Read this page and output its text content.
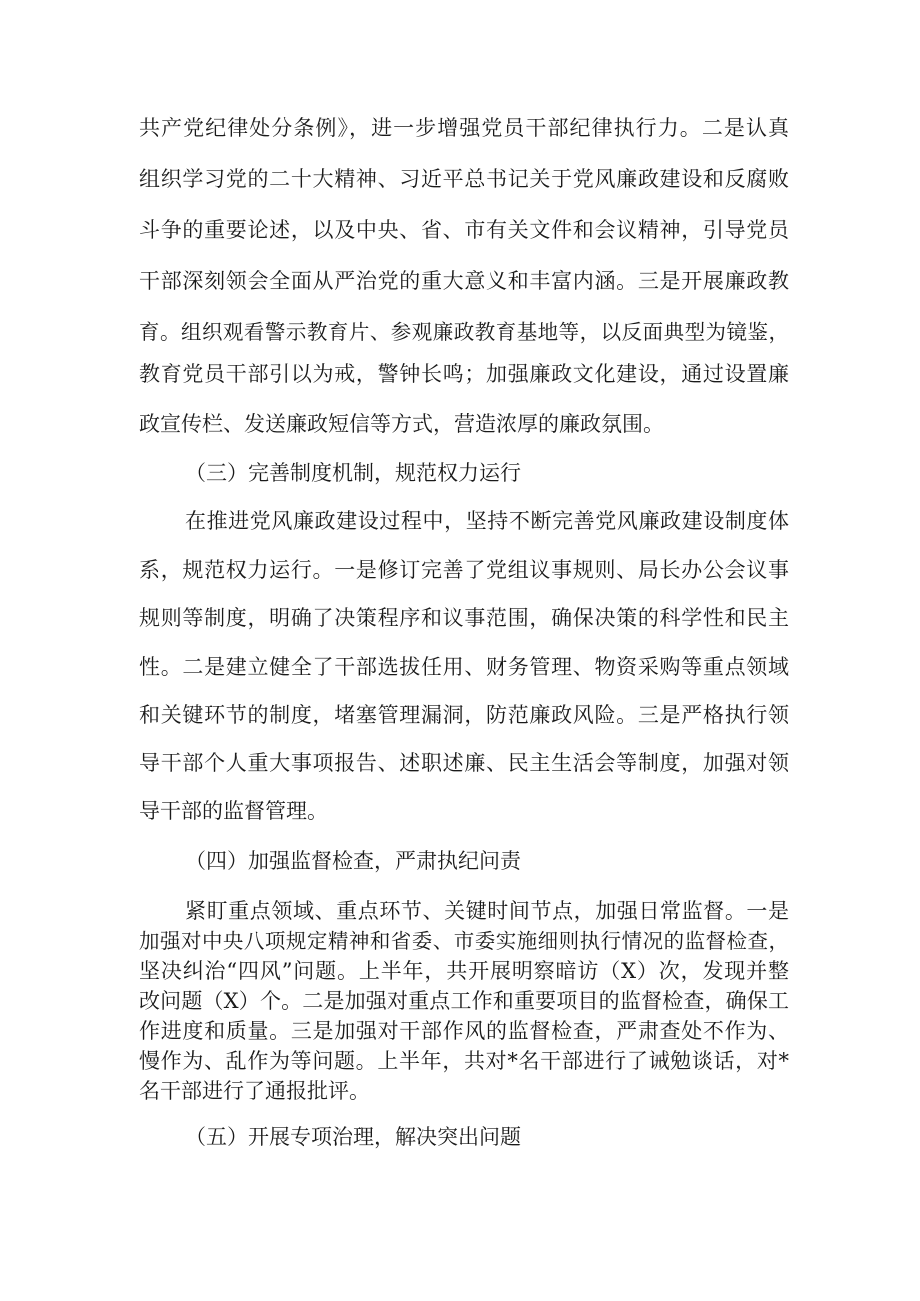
共产党纪律处分条例》，进一步增强党员干部纪律执行力。二是认真
组织学习党的二十大精神、习近平总书记关于党风廉政建设和反腐败
斗争的重要论述，以及中央、省、市有关文件和会议精神，引导党员
干部深刻领会全面从严治党的重大意义和丰富内涵。三是开展廉政教
育。组织观看警示教育片、参观廉政教育基地等，以反面典型为镜鉴，
教育党员干部引以为戒，警钟长鸣；加强廉政文化建设，通过设置廉
政宣传栏、发送廉政短信等方式，营造浓厚的廉政氛围。
（三）完善制度机制，规范权力运行
在推进党风廉政建设过程中，坚持不断完善党风廉政建设制度体
系，规范权力运行。一是修订完善了党组议事规则、局长办公会议事
规则等制度，明确了决策程序和议事范围，确保决策的科学性和民主
性。二是建立健全了干部选拔任用、财务管理、物资采购等重点领域
和关键环节的制度，堵塞管理漏洞，防范廉政风险。三是严格执行领
导干部个人重大事项报告、述职述廉、民主生活会等制度，加强对领
导干部的监督管理。
（四）加强监督检查，严肃执纪问责
紧盯重点领域、重点环节、关键时间节点，加强日常监督。一是
加强对中央八项规定精神和省委、市委实施细则执行情况的监督检查，
坚决纠治“四风”问题。上半年，共开展明察暗访（X）次，发现并整
改问题（X）个。二是加强对重点工作和重要项目的监督检查，确保工
作进度和质量。三是加强对干部作风的监督检查，严肃查处不作为、
慢作为、乱作为等问题。上半年，共对*名干部进行了诫勉谈话，对*
名干部进行了通报批评。
（五）开展专项治理，解决突出问题
